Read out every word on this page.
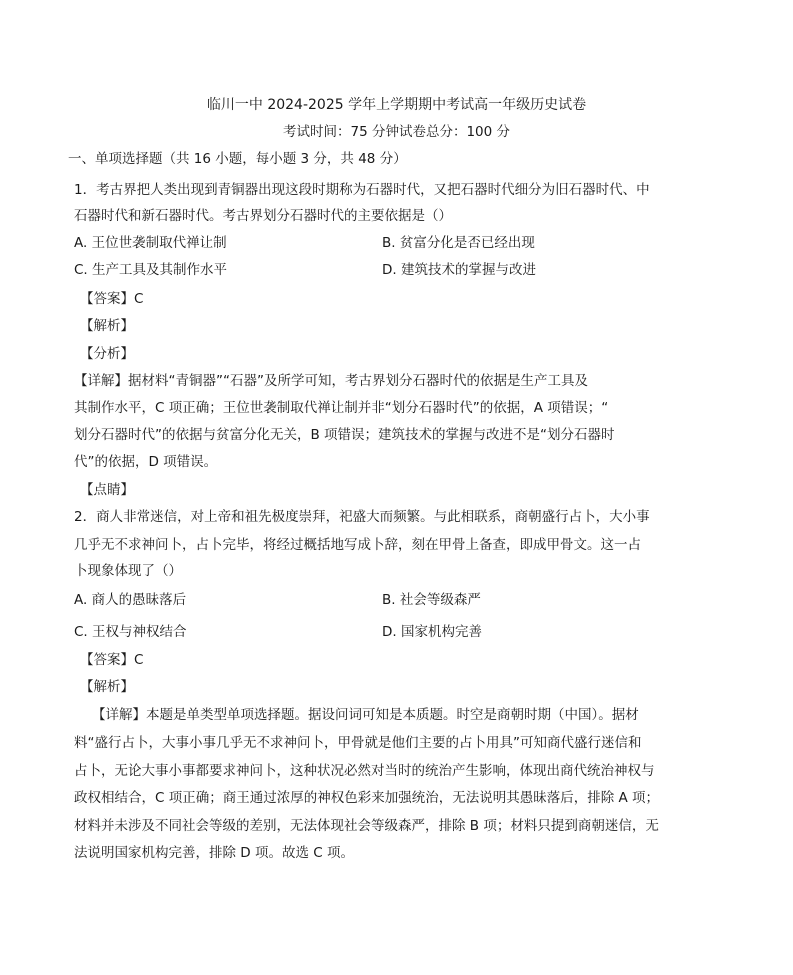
临川一中 2024-2025 学年上学期期中考试高一年级历史试卷
考试时间：75 分钟试卷总分：100 分
一、单项选择题（共 16 小题，每小题 3 分，共 48 分）
1．考古界把人类出现到青铜器出现这段时期称为石器时代，又把石器时代细分为旧石器时代、中
石器时代和新石器时代。考古界划分石器时代的主要依据是（）
A. 王位世袭制取代禅让制	B. 贫富分化是否已经出现
C. 生产工具及其制作水平	D. 建筑技术的掌握与改进
【答案】C
【解析】
【分析】
【详解】据材料“青铜器”“石器”及所学可知，考古界划分石器时代的依据是生产工具及
其制作水平，C 项正确；王位世袭制取代禅让制并非“划分石器时代”的依据，A 项错误；“
划分石器时代”的依据与贫富分化无关，B 项错误；建筑技术的掌握与改进不是“划分石器时
代”的依据，D 项错误。
【点睛】
2．商人非常迷信，对上帝和祖先极度崇拜，祀盛大而频繁。与此相联系，商朝盛行占卜，大小事
几乎无不求神问卜，占卜完毕，将经过概括地写成卜辞，刻在甲骨上备查，即成甲骨文。这一占
卜现象体现了（）
A. 商人的愚昧落后	B. 社会等级森严
C. 王权与神权结合	D. 国家机构完善
【答案】C
【解析】
【详解】本题是单类型单项选择题。据设问词可知是本质题。时空是商朝时期（中国）。据材
料“盛行占卜，大事小事几乎无不求神问卜，甲骨就是他们主要的占卜用具”可知商代盛行迷信和
占卜，无论大事小事都要求神问卜，这种状况必然对当时的统治产生影响，体现出商代统治神权与
政权相结合，C 项正确；商王通过浓厚的神权色彩来加强统治，无法说明其愚昧落后，排除 A 项；
材料并未涉及不同社会等级的差别，无法体现社会等级森严，排除 B 项；材料只提到商朝迷信，无
法说明国家机构完善，排除 D 项。故选 C 项。
